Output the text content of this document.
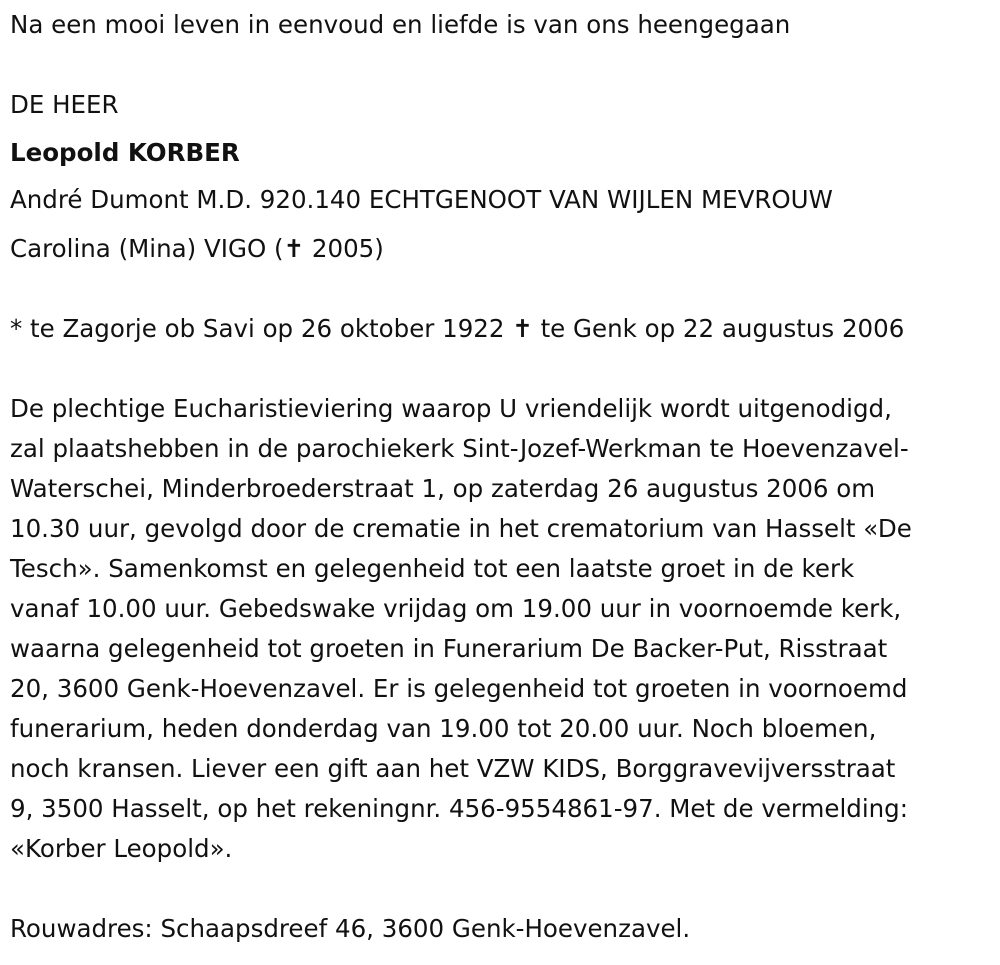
Na een mooi leven in eenvoud en liefde is van ons heengegaan
DE HEER
Leopold KORBER
André Dumont M.D. 920.140 ECHTGENOOT VAN WIJLEN MEVROUW
Carolina (Mina) VIGO (✝ 2005)
* te Zagorje ob Savi op 26 oktober 1922 ✝ te Genk op 22 augustus 2006
De plechtige Eucharistieviering waarop U vriendelijk wordt uitgenodigd,
zal plaatshebben in de parochiekerk Sint-Jozef-Werkman te Hoevenzavel-
Waterschei, Minderbroederstraat 1, op zaterdag 26 augustus 2006 om
10.30 uur, gevolgd door de crematie in het crematorium van Hasselt «De
Tesch». Samenkomst en gelegenheid tot een laatste groet in de kerk
vanaf 10.00 uur. Gebedswake vrijdag om 19.00 uur in voornoemde kerk,
waarna gelegenheid tot groeten in Funerarium De Backer-Put, Risstraat
20, 3600 Genk-Hoevenzavel. Er is gelegenheid tot groeten in voornoemd
funerarium, heden donderdag van 19.00 tot 20.00 uur. Noch bloemen,
noch kransen. Liever een gift aan het VZW KIDS, Borggravevijversstraat
9, 3500 Hasselt, op het rekeningnr. 456-9554861-97. Met de vermelding:
«Korber Leopold».
Rouwadres: Schaapsdreef 46, 3600 Genk-Hoevenzavel.
